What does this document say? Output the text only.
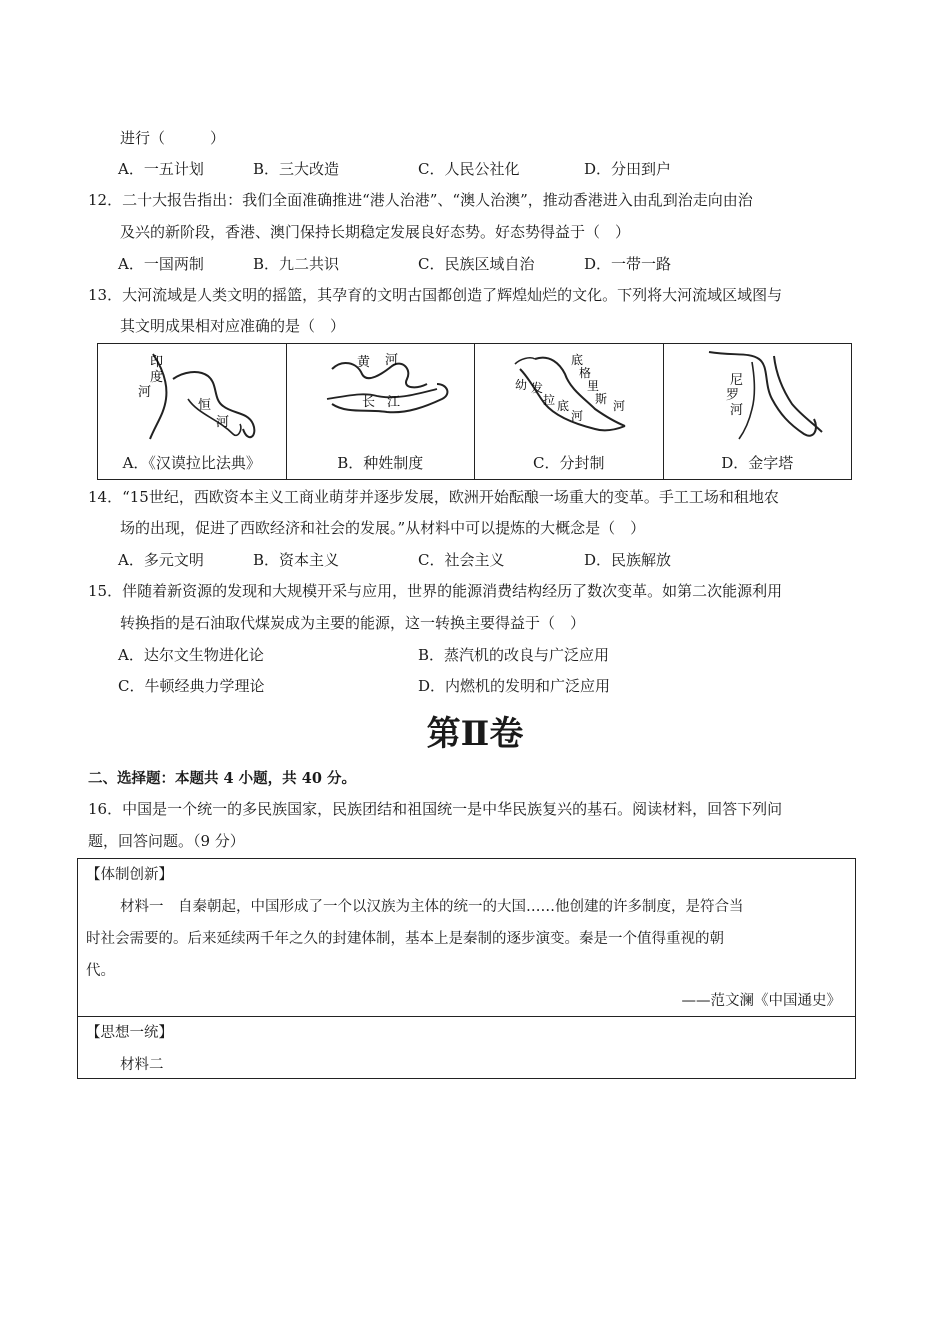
进行（　　　）
A．一五计划	B．三大改造	C．人民公社化	D．分田到户
12．二十大报告指出：我们全面准确推进“港人治港”、“澳人治澳”，推动香港进入由乱到治走向由治
及兴的新阶段，香港、澳门保持长期稳定发展良好态势。好态势得益于（　）
A．一国两制	B．九二共识	C．民族区域自治	D．一带一路
13．大河流域是人类文明的摇篮，其孕育的文明古国都创造了辉煌灿烂的文化。下列将大河流域区域图与
其文明成果相对应准确的是（　）
印
度
河
恒
河
A．《汉谟拉比法典》
黄 河
长 江
B．种姓制度
底
格
里
斯 河
幼 发
拉 底
河
C．分封制
尼
罗
河
D．金字塔
14．“15世纪，西欧资本主义工商业萌芽并逐步发展，欧洲开始酝酿一场重大的变革。手工工场和租地农
场的出现，促进了西欧经济和社会的发展。”从材料中可以提炼的大概念是（　）
A．多元文明	B．资本主义	C．社会主义	D．民族解放
15．伴随着新资源的发现和大规模开采与应用，世界的能源消费结构经历了数次变革。如第二次能源利用
转换指的是石油取代煤炭成为主要的能源，这一转换主要得益于（　）
A．达尔文生物进化论	B．蒸汽机的改良与广泛应用
C．牛顿经典力学理论	D．内燃机的发明和广泛应用
第Ⅱ卷
二、选择题：本题共 4 小题，共 40 分。
16．中国是一个统一的多民族国家，民族团结和祖国统一是中华民族复兴的基石。阅读材料，回答下列问
题，回答问题。（9 分）
【体制创新】
材料一　自秦朝起，中国形成了一个以汉族为主体的统一的大国……他创建的许多制度，是符合当
时社会需要的。后来延续两千年之久的封建体制，基本上是秦制的逐步演变。秦是一个值得重视的朝
代。
——范文澜《中国通史》
【思想一统】
材料二
